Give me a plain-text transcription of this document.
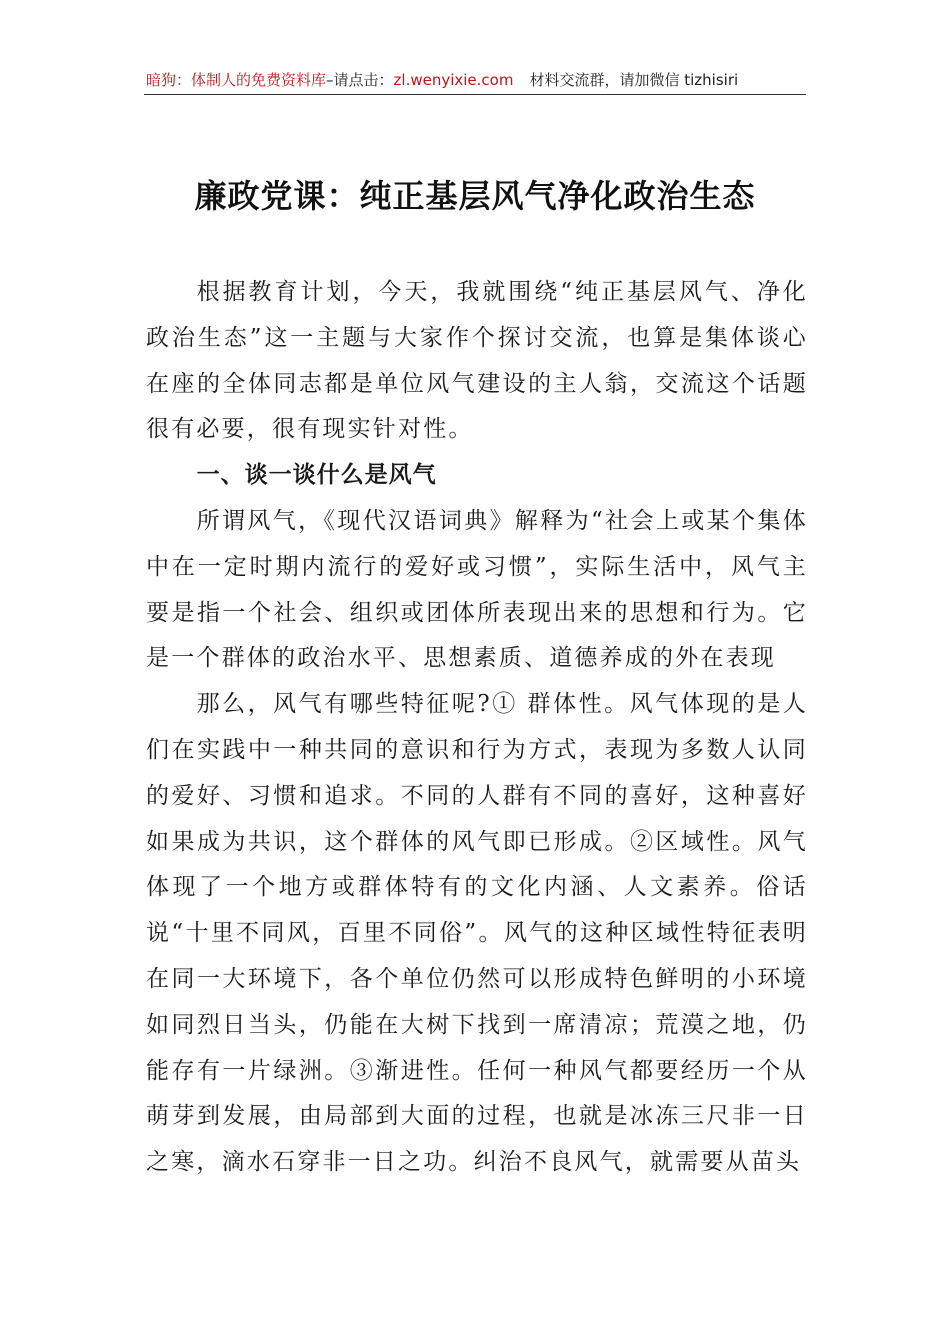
暗狗：体制人的免费资料库–请点击：zl.wenyixie.com 材料交流群，请加微信 tizhisiri
廉政党课：纯正基层风气净化政治生态

根据教育计划，今天，我就围绕“纯正基层风气、净化政治生态”这一主题与大家作个探讨交流，也算是集体谈心在座的全体同志都是单位风气建设的主人翁，交流这个话题很有必要，很有现实针对性。

一、谈一谈什么是风气

所谓风气，《现代汉语词典》解释为“社会上或某个集体中在一定时期内流行的爱好或习惯”，实际生活中，风气主要是指一个社会、组织或团体所表现出来的思想和行为。它是一个群体的政治水平、思想素质、道德养成的外在表现

那么，风气有哪些特征呢?① 群体性。风气体现的是人们在实践中一种共同的意识和行为方式，表现为多数人认同的爱好、习惯和追求。不同的人群有不同的喜好，这种喜好如果成为共识，这个群体的风气即已形成。②区域性。风气体现了一个地方或群体特有的文化内涵、人文素养。俗话说“十里不同风，百里不同俗”。风气的这种区域性特征表明在同一大环境下，各个单位仍然可以形成特色鲜明的小环境如同烈日当头，仍能在大树下找到一席清凉；荒漠之地，仍能存有一片绿洲。③渐进性。任何一种风气都要经历一个从萌芽到发展，由局部到大面的过程，也就是冰冻三尺非一日之寒，滴水石穿非一日之功。纠治不良风气，就需要从苗头
